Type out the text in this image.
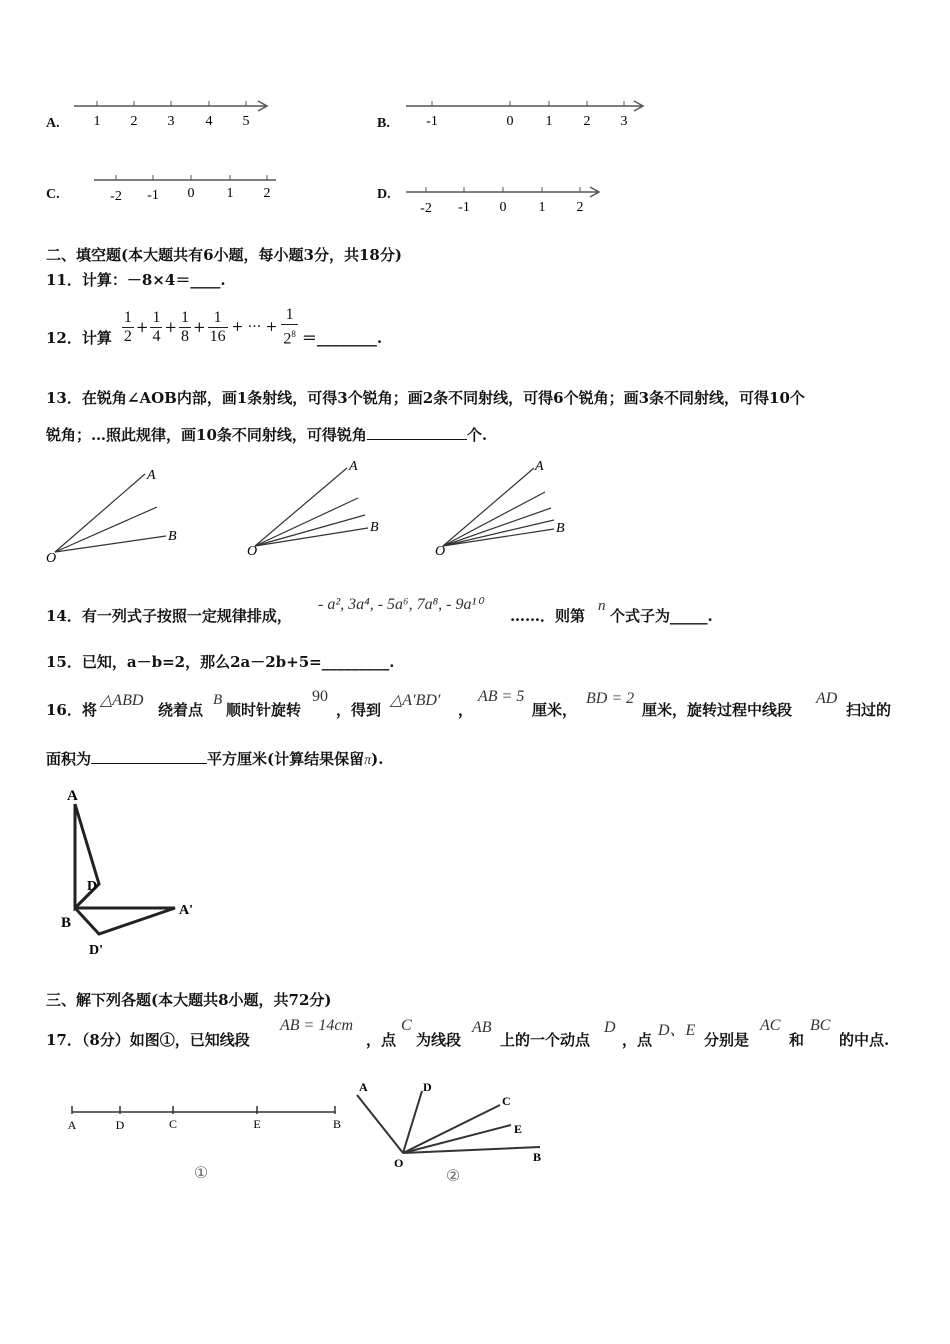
A. 1 2 3 4 5	B.	-1	0 1 2 3
C.	-2 -1 0 1 2	D.
-2 -1 0 1 2
二、填空题(本大题共有6小题，每小题3分，共18分)
11．计算：－8×4＝____.
12．计算 $\frac{1}{2} + \frac{1}{4} + \frac{1}{8} + \frac{1}{16}$ + ··· + $\frac{1}{2^8}$ ＝________.
13．在锐角∠AOB内部，画1条射线，可得3个锐角；画2条不同射线，可得6个锐角；画3条不同射线，可得10个
锐角；…照此规律，画10条不同射线，可得锐角	个.
A
B
O
A
B
O
A
B
O
14．有一列式子按照一定规律排成，
- a², 3a⁴, - 5a⁶, 7a⁸, - 9a¹⁰
……．则第
n
个式子为_____.
15．已知，a－b=2，那么2a－2b+5=_________.
16．将
△ABD
绕着点
B
顺时针旋转
90
，得到
△A′BD′
，
AB = 5
厘米，
BD = 2
厘米，旋转过程中线段
AD
扫过的
面积为	平方厘米(计算结果保留π).
A
D
B
A'
D'
三、解下列各题(本大题共8小题，共72分)
17．（8分）如图①，已知线段
AB = 14cm
，点
C
为线段
AB
上的一个动点
D
，点
D、E
分别是
AC
和
BC
的中点.
A	D	C	E	B
①
A	D
C
E
B
O
②
